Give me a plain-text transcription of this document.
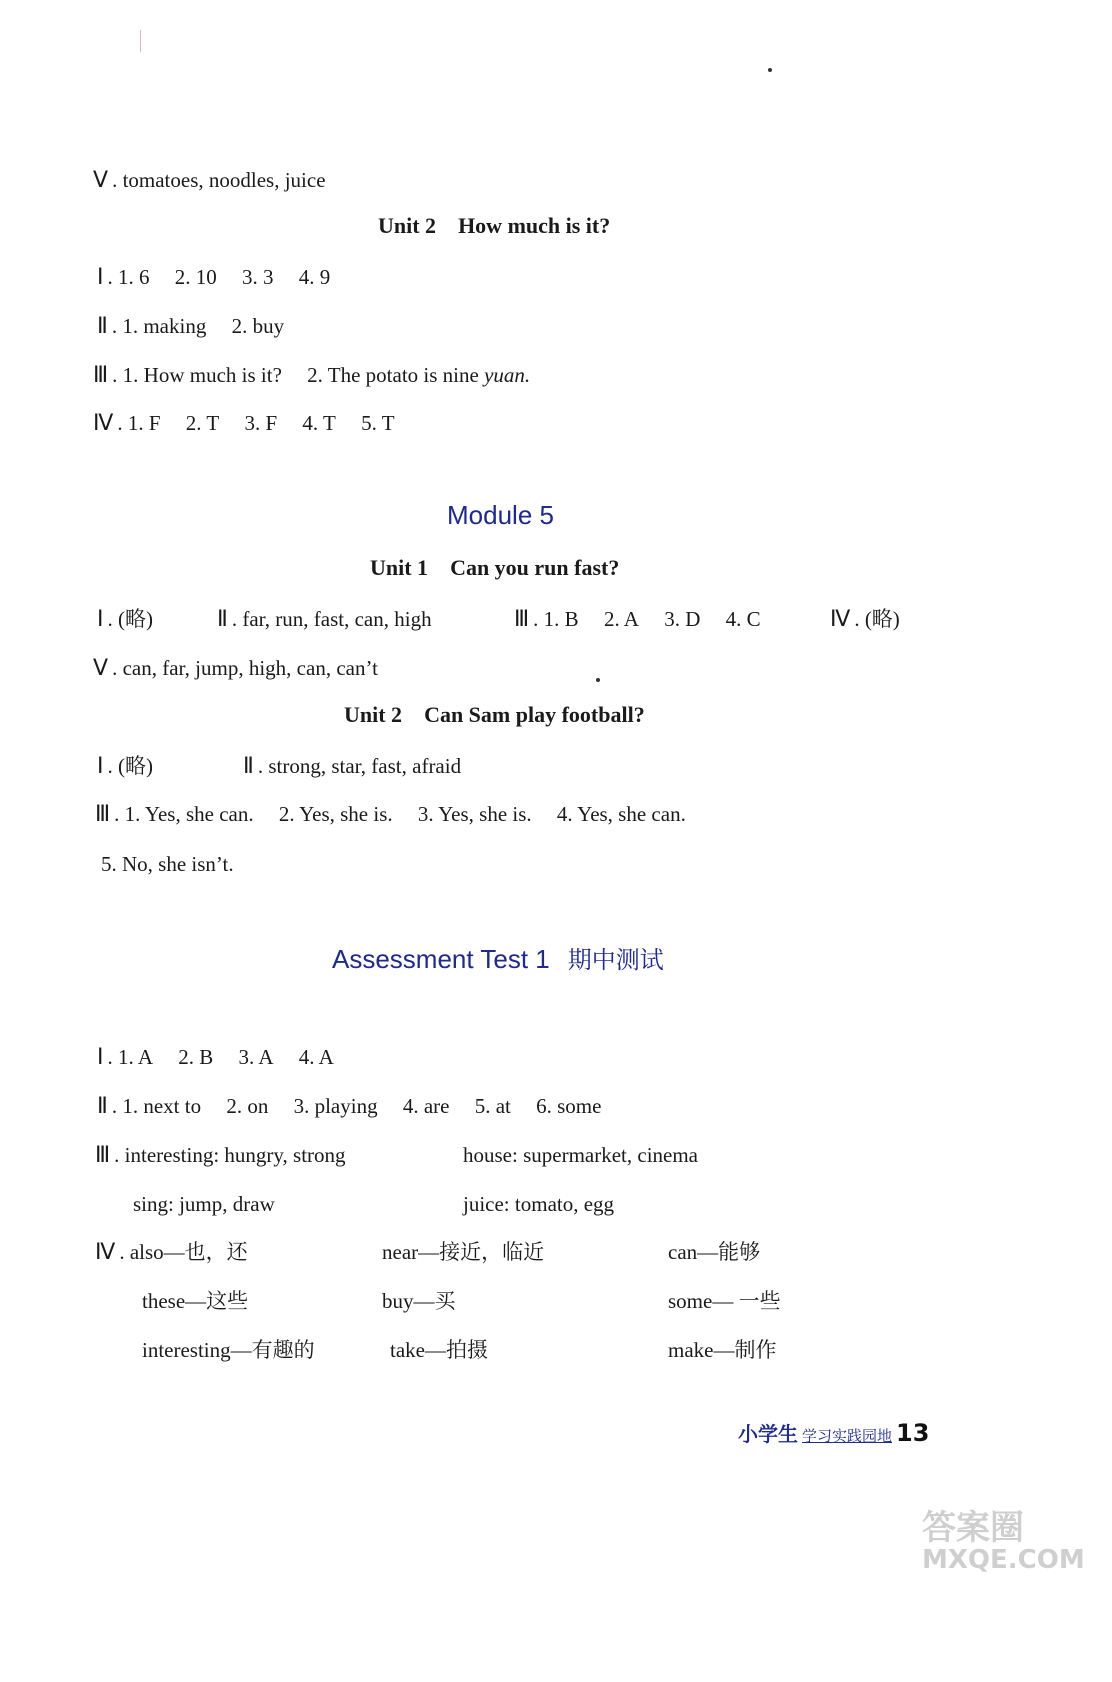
Ⅴ . tomatoes, noodles, juice
Unit 2 How much is it?
Ⅰ . 1. 6 2. 10 3. 3 4. 9
Ⅱ . 1. making 2. buy
Ⅲ . 1. How much is it? 2. The potato is nine yuan.
Ⅳ . 1. F 2. T 3. F 4. T 5. T
Module 5
Unit 1 Can you run fast?
Ⅰ . (略)	Ⅱ . far, run, fast, can, high	Ⅲ . 1. B 2. A 3. D 4. C	Ⅳ . (略)
Ⅴ . can, far, jump, high, can, can’t
Unit 2 Can Sam play football?
Ⅰ . (略)	Ⅱ . strong, star, fast, afraid
Ⅲ . 1. Yes, she can. 2. Yes, she is. 3. Yes, she is. 4. Yes, she can.
5. No, she isn’t.
Assessment Test 1 期中测试
Ⅰ . 1. A 2. B 3. A 4. A
Ⅱ . 1. next to 2. on 3. playing 4. are 5. at 6. some
Ⅲ . interesting: hungry, strong	house: supermarket, cinema
sing: jump, draw	juice: tomato, egg
Ⅳ . also—也，还	near—接近，临近	can—能够
these—这些	buy—买	some— 一些
interesting—有趣的	take—拍摄	make—制作
小学生 学习实践园地 13
答案圈
MXQE.COM
